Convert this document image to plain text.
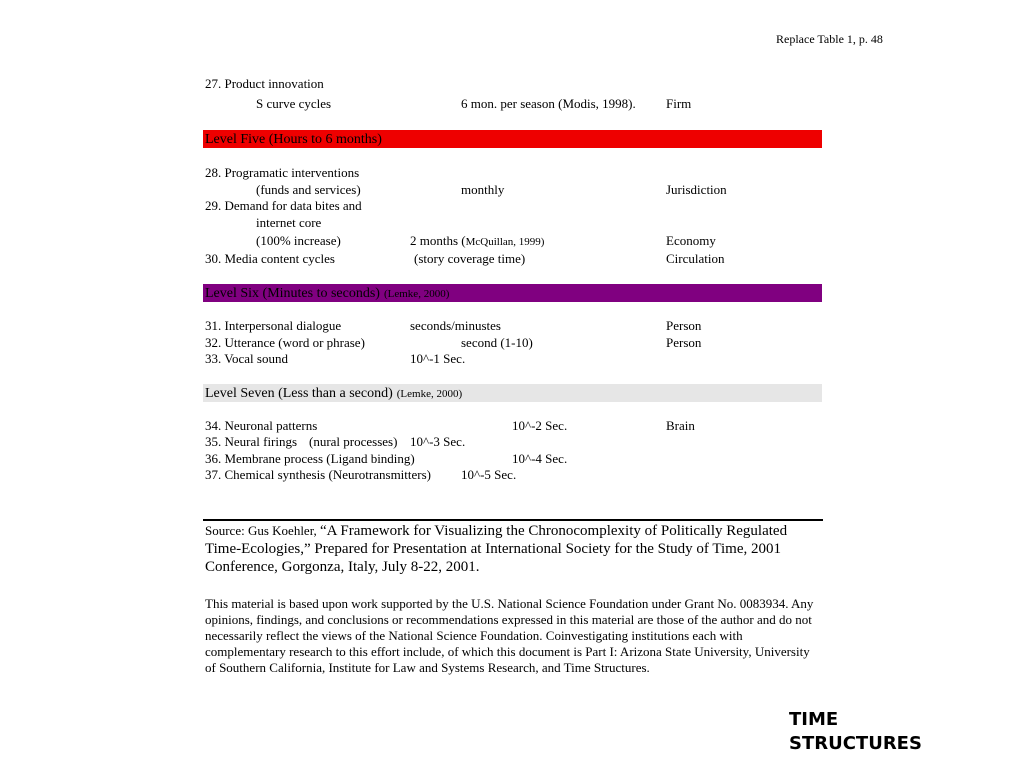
Replace Table 1, p. 48
27. Product innovation
S curve cycles	6 mon. per season (Modis, 1998). Firm
Level Five (Hours to 6 months)
28. Programatic interventions
(funds and services)	monthly	Jurisdiction
29. Demand for data bites and
internet core
(100% increase)	2 months (McQuillan, 1999)	Economy
30. Media content cycles	(story coverage time)	Circulation
Level Six (Minutes to seconds) (Lemke, 2000)
31. Interpersonal dialogue	seconds/minustes	Person
32. Utterance (word or phrase)	second (1-10)	Person
33. Vocal sound	10^-1 Sec.
Level Seven (Less than a second) (Lemke, 2000)
34. Neuronal patterns	10^-2 Sec.	Brain
35. Neural firings (nural processes) 10^-3 Sec.
36. Membrane process (Ligand binding)	10^-4 Sec.
37. Chemical synthesis (Neurotransmitters) 10^-5 Sec.
Source: Gus Koehler, “A Framework for Visualizing the Chronocomplexity of Politically Regulated Time-Ecologies,” Prepared for Presentation at International Society for the Study of Time, 2001 Conference, Gorgonza, Italy, July 8-22, 2001.
This material is based upon work supported by the U.S. National Science Foundation under Grant No. 0083934. Any opinions, findings, and conclusions or recommendations expressed in this material are those of the author and do not necessarily reflect the views of the National Science Foundation. Coinvestigating institutions each with complementary research to this effort include, of which this document is Part I: Arizona State University, University of Southern California, Institute for Law and Systems Research, and Time Structures.
TIME
STRUCTURES
